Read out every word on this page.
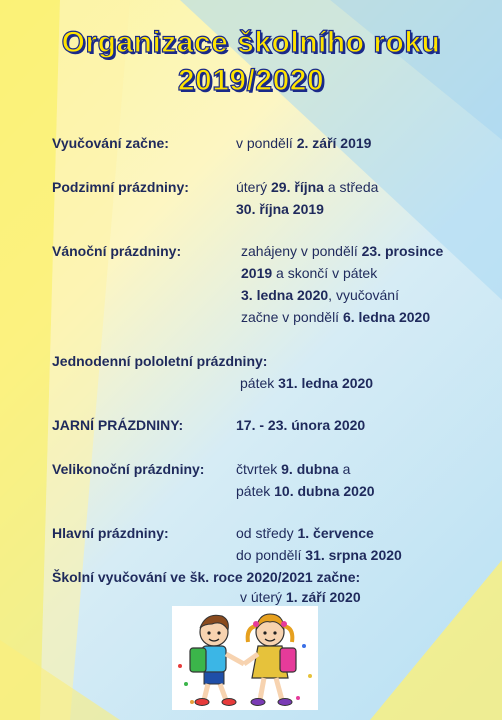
Organizace školního roku
2019/2020
Vyučování začne:	v pondělí 2. září 2019
Podzimní prázdniny:	úterý 29. října a středa
30. října 2019
Vánoční prázdniny:	zahájeny v pondělí 23. prosince
2019 a skončí v pátek
3. ledna 2020, vyučování
začne v pondělí 6. ledna 2020
Jednodenní pololetní prázdniny:
pátek 31. ledna 2020
JARNÍ PRÁZDNINY:	17. - 23. února 2020
Velikonoční prázdniny: čtvrtek 9. dubna a
pátek 10. dubna 2020
Hlavní prázdniny:	od středy 1. července
do pondělí 31. srpna 2020
Školní vyučování ve šk. roce 2020/2021 začne:
v úterý 1. září 2020
